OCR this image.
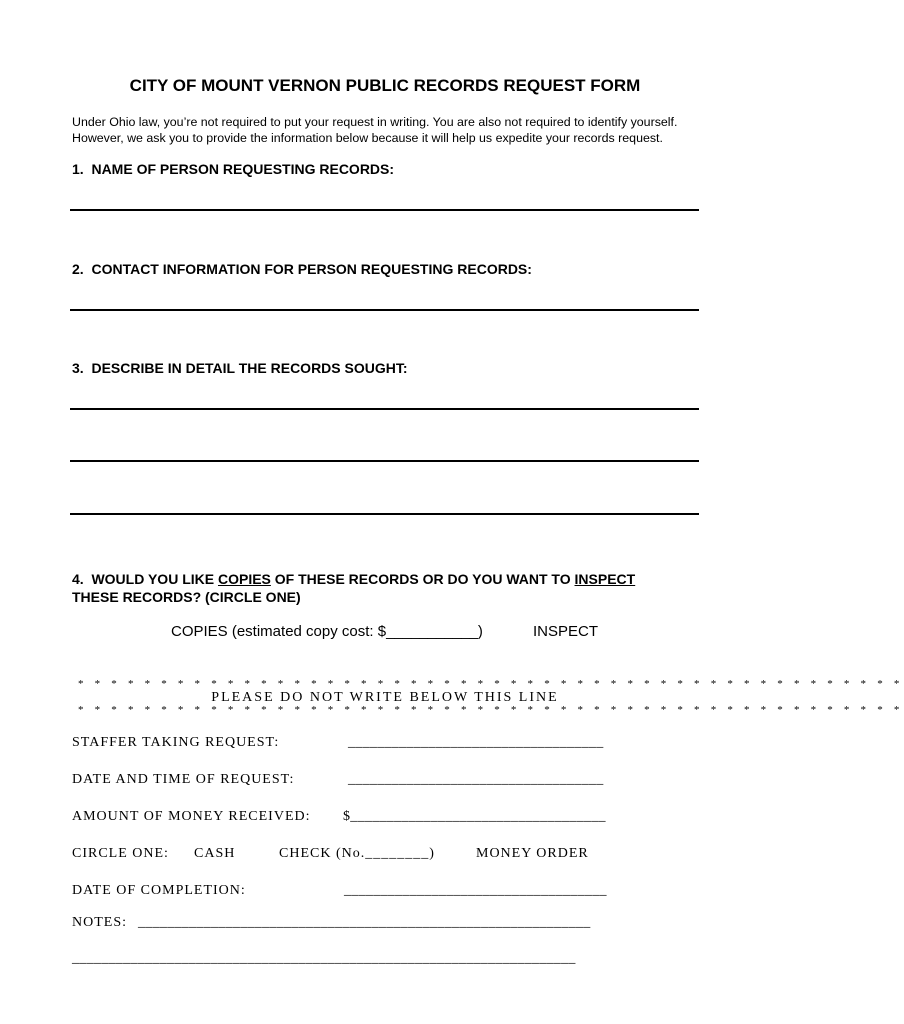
CITY OF MOUNT VERNON PUBLIC RECORDS REQUEST FORM
Under Ohio law, you’re not required to put your request in writing. You are also not required to identify yourself.
However, we ask you to provide the information below because it will help us expedite your records request.
1.  NAME OF PERSON REQUESTING RECORDS:
2.  CONTACT INFORMATION FOR PERSON REQUESTING RECORDS:
3.  DESCRIBE IN DETAIL THE RECORDS SOUGHT:
4.  WOULD YOU LIKE COPIES OF THESE RECORDS OR DO YOU WANT TO INSPECT
THESE RECORDS? (CIRCLE ONE)
COPIES (estimated copy cost: $___________)	INSPECT
* * * * * * * * * * * * * * * * * * * * * * * * * * * * * * * * * * * * * * * * * * * * * * * * * *
PLEASE DO NOT WRITE BELOW THIS LINE
* * * * * * * * * * * * * * * * * * * * * * * * * * * * * * * * * * * * * * * * * * * * * * * * * *
STAFFER TAKING REQUEST:	___________________________________
DATE AND TIME OF REQUEST:	___________________________________
AMOUNT OF MONEY RECEIVED: $___________________________________
CIRCLE ONE: CASH	CHECK (No.________)	MONEY ORDER
DATE OF COMPLETION:	____________________________________
NOTES: ______________________________________________________________
_____________________________________________________________________
